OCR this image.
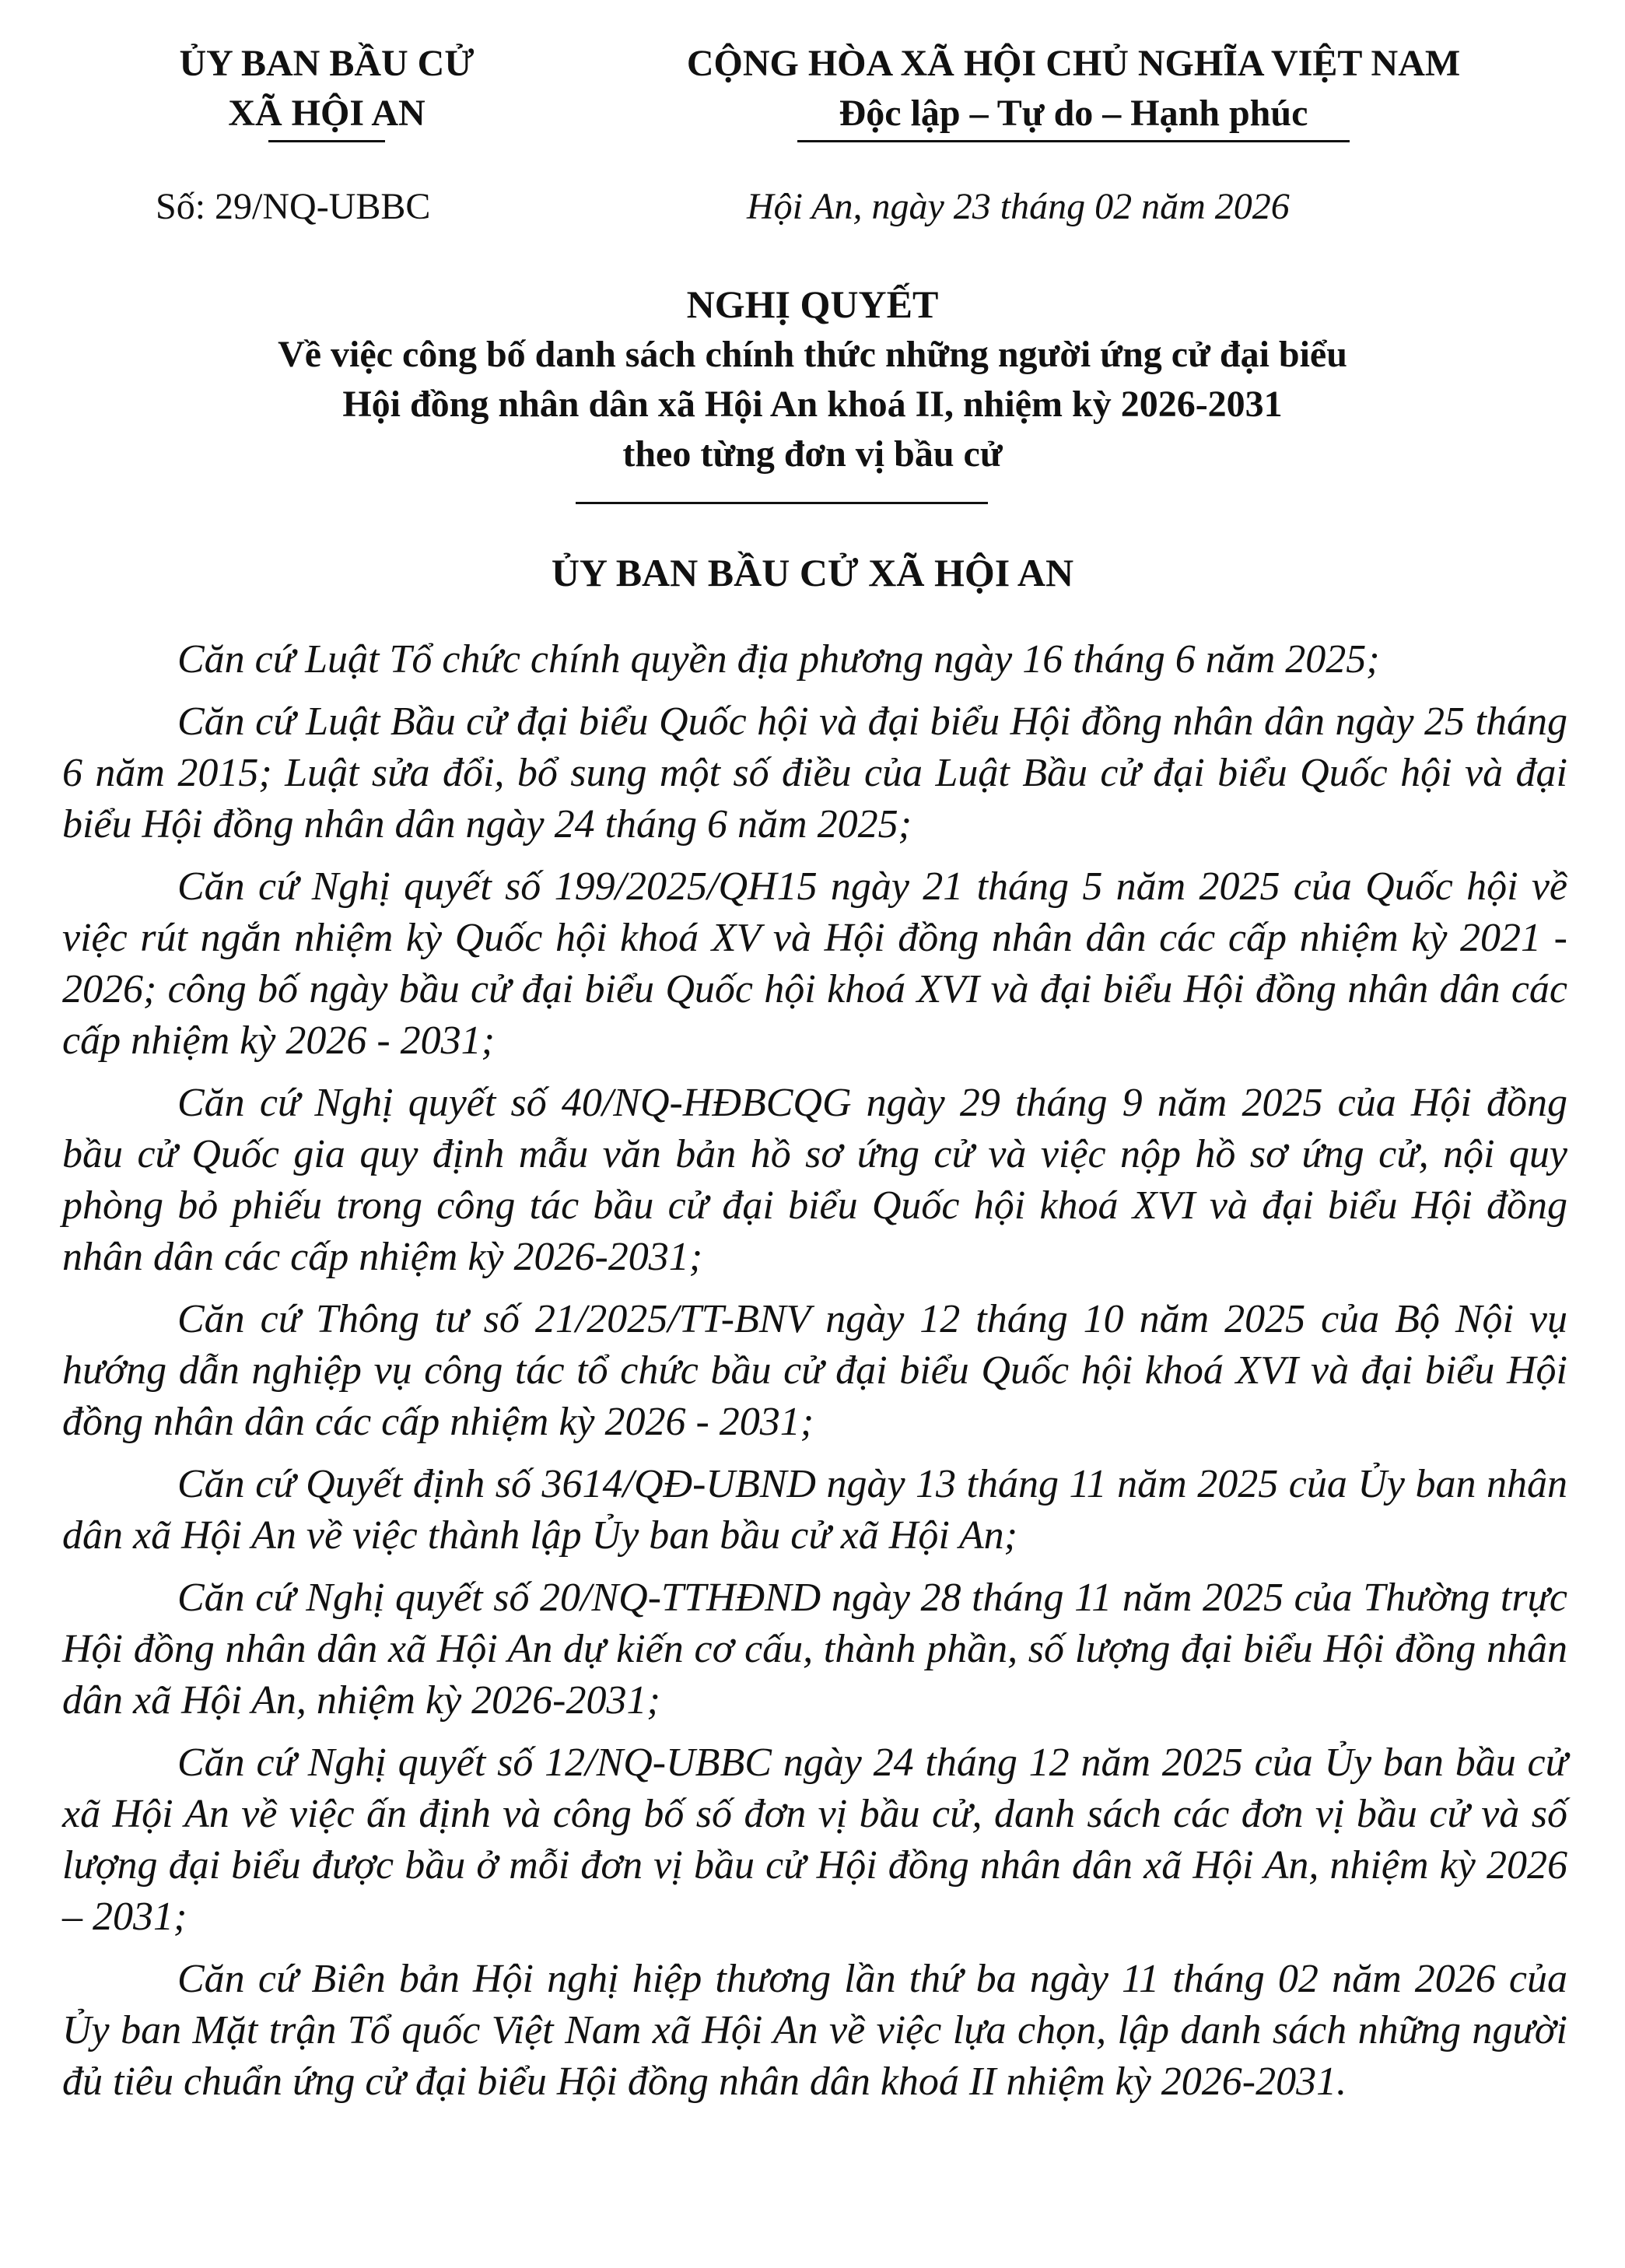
ỦY BAN BẦU CỬ
XÃ HỘI AN
CỘNG HÒA XÃ HỘI CHỦ NGHĨA VIỆT NAM
Độc lập – Tự do – Hạnh phúc
Số: 29/NQ-UBBC	Hội An, ngày 23 tháng 02 năm 2026
NGHỊ QUYẾT
Về việc công bố danh sách chính thức những người ứng cử đại biểu
Hội đồng nhân dân xã Hội An khoá II, nhiệm kỳ 2026-2031
theo từng đơn vị bầu cử
ỦY BAN BẦU CỬ XÃ HỘI AN

Căn cứ Luật Tổ chức chính quyền địa phương ngày 16 tháng 6 năm 2025;

Căn cứ Luật Bầu cử đại biểu Quốc hội và đại biểu Hội đồng nhân dân ngày 25 tháng 6 năm 2015; Luật sửa đổi, bổ sung một số điều của Luật Bầu cử đại biểu Quốc hội và đại biểu Hội đồng nhân dân ngày 24 tháng 6 năm 2025;

Căn cứ Nghị quyết số 199/2025/QH15 ngày 21 tháng 5 năm 2025 của Quốc hội về việc rút ngắn nhiệm kỳ Quốc hội khoá XV và Hội đồng nhân dân các cấp nhiệm kỳ 2021 - 2026; công bố ngày bầu cử đại biểu Quốc hội khoá XVI và đại biểu Hội đồng nhân dân các cấp nhiệm kỳ 2026 - 2031;

Căn cứ Nghị quyết số 40/NQ-HĐBCQG ngày 29 tháng 9 năm 2025 của Hội đồng bầu cử Quốc gia quy định mẫu văn bản hồ sơ ứng cử và việc nộp hồ sơ ứng cử, nội quy phòng bỏ phiếu trong công tác bầu cử đại biểu Quốc hội khoá XVI và đại biểu Hội đồng nhân dân các cấp nhiệm kỳ 2026-2031;

Căn cứ Thông tư số 21/2025/TT-BNV ngày 12 tháng 10 năm 2025 của Bộ Nội vụ hướng dẫn nghiệp vụ công tác tổ chức bầu cử đại biểu Quốc hội khoá XVI và đại biểu Hội đồng nhân dân các cấp nhiệm kỳ 2026 - 2031;

Căn cứ Quyết định số 3614/QĐ-UBND ngày 13 tháng 11 năm 2025 của Ủy ban nhân dân xã Hội An về việc thành lập Ủy ban bầu cử xã Hội An;

Căn cứ Nghị quyết số 20/NQ-TTHĐND ngày 28 tháng 11 năm 2025 của Thường trực Hội đồng nhân dân xã Hội An dự kiến cơ cấu, thành phần, số lượng đại biểu Hội đồng nhân dân xã Hội An, nhiệm kỳ 2026-2031;

Căn cứ Nghị quyết số 12/NQ-UBBC ngày 24 tháng 12 năm 2025 của Ủy ban bầu cử xã Hội An về việc ấn định và công bố số đơn vị bầu cử, danh sách các đơn vị bầu cử và số lượng đại biểu được bầu ở mỗi đơn vị bầu cử Hội đồng nhân dân xã Hội An, nhiệm kỳ 2026 – 2031;

Căn cứ Biên bản Hội nghị hiệp thương lần thứ ba ngày 11 tháng 02 năm 2026 của Ủy ban Mặt trận Tổ quốc Việt Nam xã Hội An về việc lựa chọn, lập danh sách những người đủ tiêu chuẩn ứng cử đại biểu Hội đồng nhân dân khoá II nhiệm kỳ 2026-2031.
